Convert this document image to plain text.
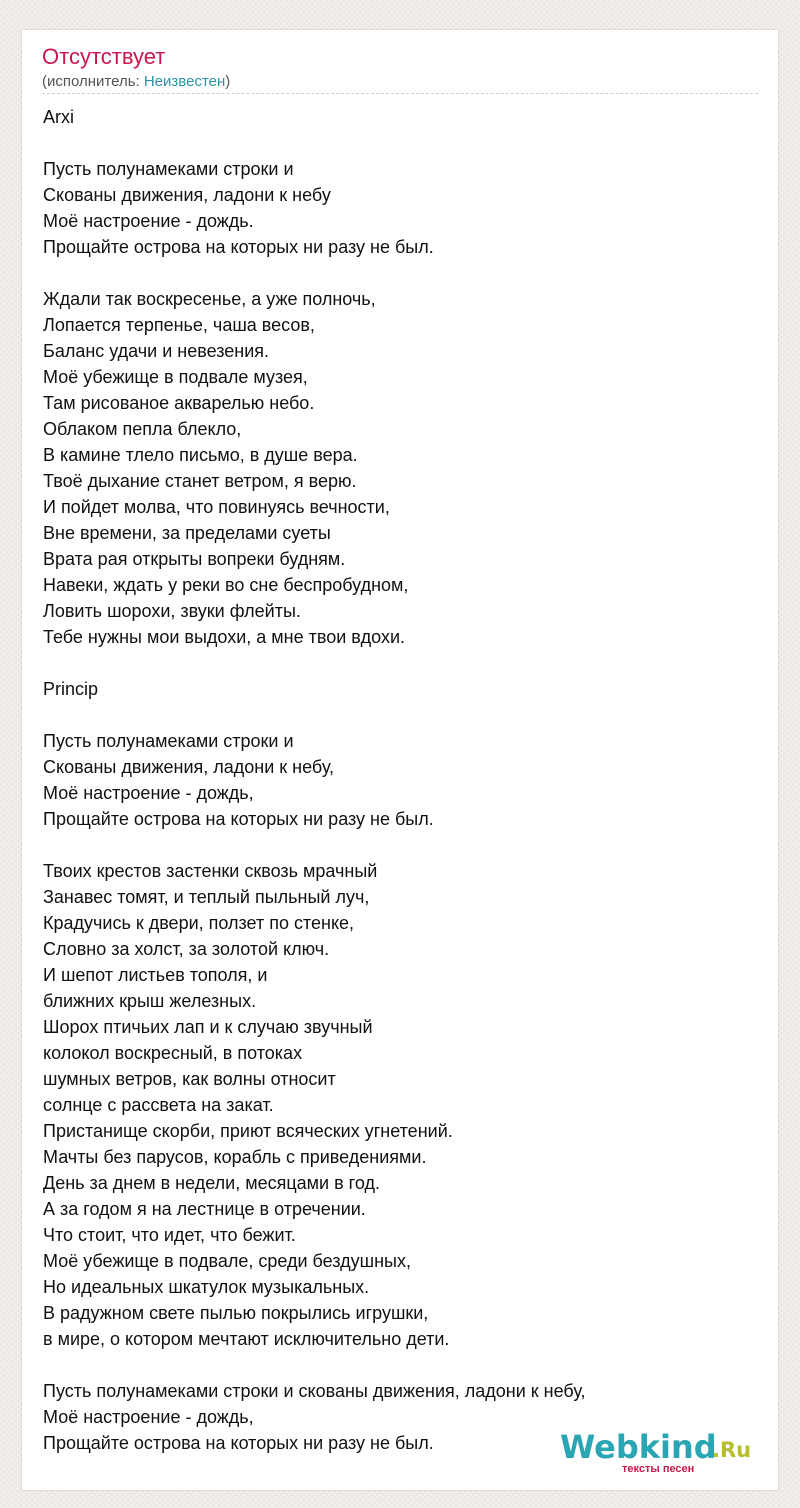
Отсутствует
(исполнитель: Неизвестен)
Arxi

Пусть полунамеками строки и
Скованы движения, ладони к небу
Моё настроение - дождь.
Прощайте острова на которых ни разу не был.

Ждали так воскресенье, а уже полночь,
Лопается терпенье, чаша весов,
Баланс удачи и невезения.
Моё убежище в подвале музея,
Там рисованое акварелью небо.
Облаком пепла блекло,
В камине тлело письмо, в душе вера.
Твоё дыхание станет ветром, я верю.
И пойдет молва, что повинуясь вечности,
Вне времени, за пределами суеты
Врата рая открыты вопреки будням.
Навеки, ждать у реки во сне беспробудном,
Ловить шорохи, звуки флейты.
Тебе нужны мои выдохи, а мне твои вдохи.

Princip

Пусть полунамеками строки и
Скованы движения, ладони к небу,
Моё настроение - дождь,
Прощайте острова на которых ни разу не был.

Твоих крестов застенки сквозь мрачный
Занавес томят, и теплый пыльный луч,
Крадучись к двери, ползет по стенке,
Словно за холст, за золотой ключ.
И шепот листьев тополя, и
ближних крыш железных.
Шорох птичьих лап и к случаю звучный
колокол воскресный, в потоках
шумных ветров, как волны относит
солнце с рассвета на закат.
Пристанище скорби, приют всяческих угнетений.
Мачты без парусов, корабль с приведениями.
День за днем в недели, месяцами в год.
А за годом я на лестнице в отречении.
Что стоит, что идет, что бежит.
Моё убежище в подвале, среди бездушных,
Но идеальных шкатулок музыкальных.
В радужном свете пылью покрылись игрушки,
в мире, о котором мечтают исключительно дети.

Пусть полунамеками строки и скованы движения, ладони к небу,
Моё настроение - дождь,
Прощайте острова на которых ни разу не был.	Webkind
.Ru
тексты песен
